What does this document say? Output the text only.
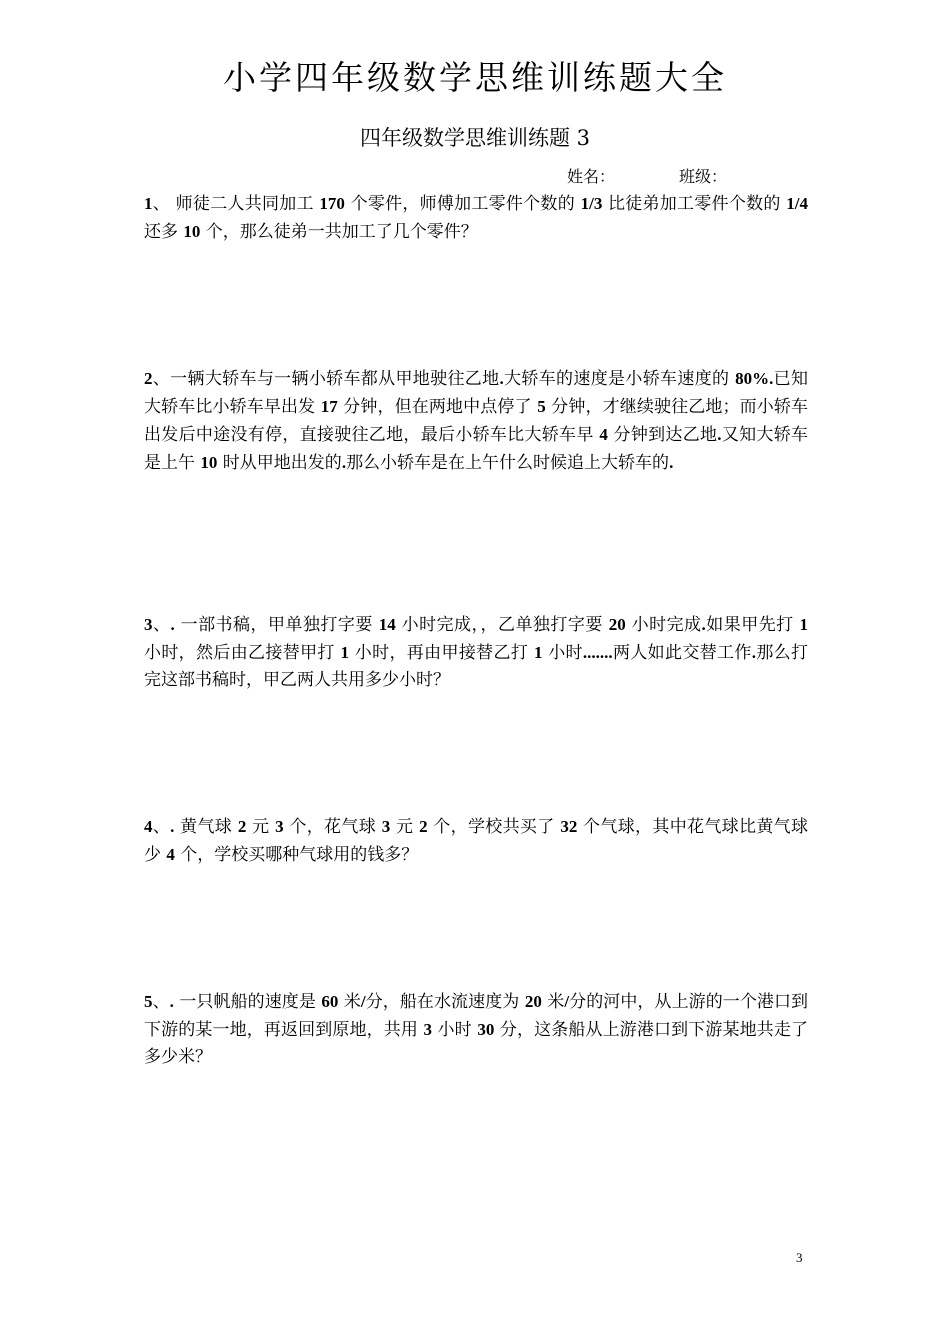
小学四年级数学思维训练题大全
四年级数学思维训练题 3
姓名：	班级：
1、 师徒二人共同加工 170 个零件，师傅加工零件个数的 1/3 比徒弟加工零件个数的 1/4 还多 10 个，那么徒弟一共加工了几个零件？
2、一辆大轿车与一辆小轿车都从甲地驶往乙地.大轿车的速度是小轿车速度的 80%.已知大轿车比小轿车早出发 17 分钟，但在两地中点停了 5 分钟，才继续驶往乙地；而小轿车出发后中途没有停，直接驶往乙地，最后小轿车比大轿车早 4 分钟到达乙地.又知大轿车是上午 10 时从甲地出发的.那么小轿车是在上午什么时候追上大轿车的.
3、. 一部书稿，甲单独打字要 14 小时完成，，乙单独打字要 20 小时完成.如果甲先打 1 小时，然后由乙接替甲打 1 小时，再由甲接替乙打 1 小时.......两人如此交替工作.那么打完这部书稿时，甲乙两人共用多少小时？
4、. 黄气球 2 元 3 个，花气球 3 元 2 个，学校共买了 32 个气球，其中花气球比黄气球少 4 个，学校买哪种气球用的钱多？
5、. 一只帆船的速度是 60 米/分，船在水流速度为 20 米/分的河中，从上游的一个港口到下游的某一地，再返回到原地，共用 3 小时 30 分，这条船从上游港口到下游某地共走了多少米？
3
